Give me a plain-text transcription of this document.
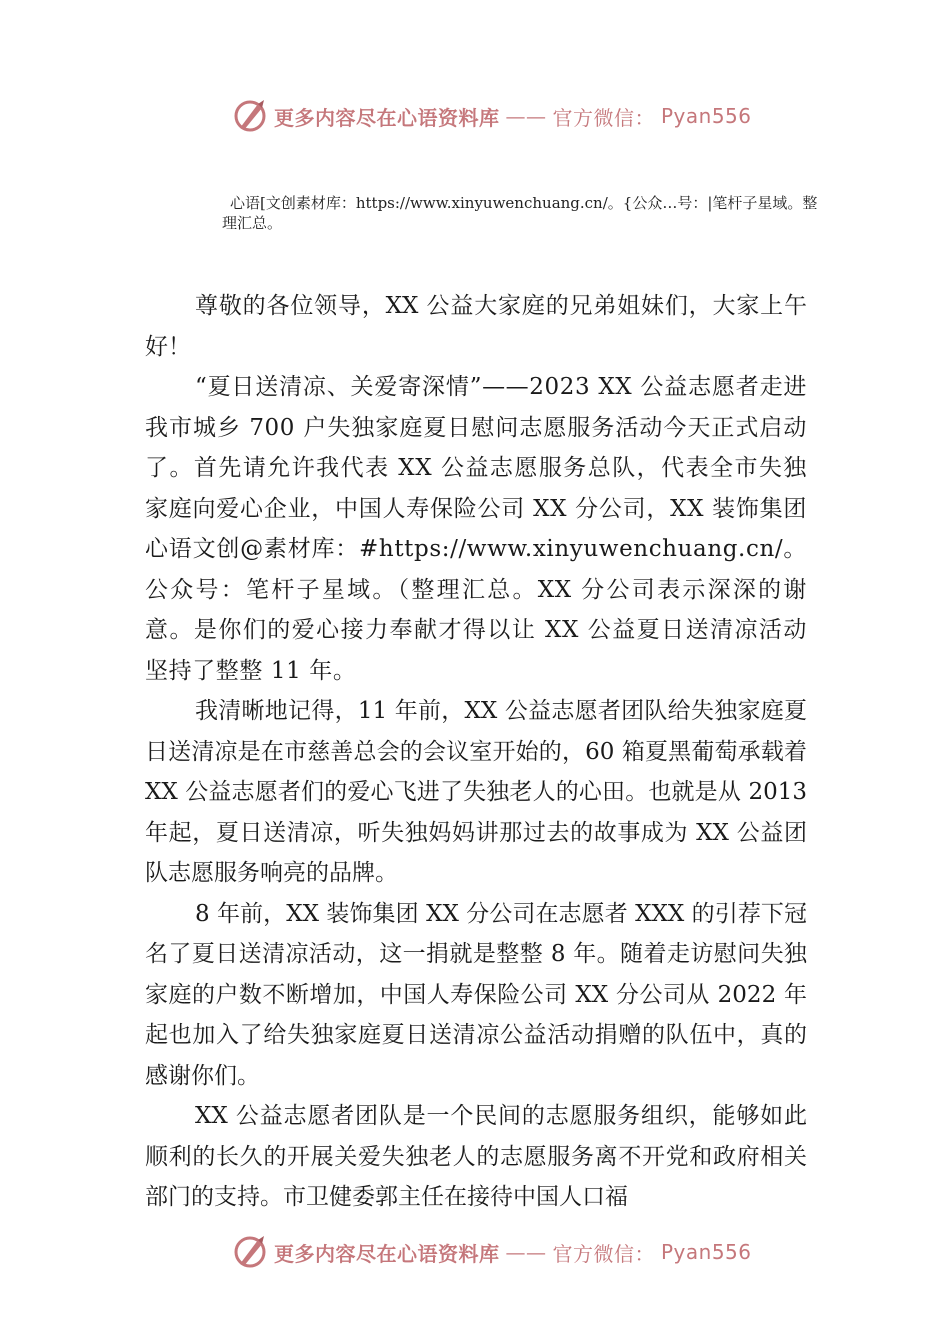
更多内容尽在心语资料库 —— 官方微信： Pyan556
心语[文创素材库：https://www.xinyuwenchuang.cn/。{公众…号：|笔杆子星域。整理汇总。

尊敬的各位领导，XX 公益大家庭的兄弟姐妹们，大家上午好！

“夏日送清凉、关爱寄深情”——2023 XX 公益志愿者走进我市城乡 700 户失独家庭夏日慰问志愿服务活动今天正式启动了。首先请允许我代表 XX 公益志愿服务总队，代表全市失独家庭向爱心企业，中国人寿保险公司 XX 分公司，XX 装饰集团 心语文创@素材库：#https://www.xinyuwenchuang.cn/。公众号：笔杆子星域。（整理汇总。XX 分公司表示深深的谢意。是你们的爱心接力奉献才得以让 XX 公益夏日送清凉活动坚持了整整 11 年。

我清晰地记得，11 年前，XX 公益志愿者团队给失独家庭夏日送清凉是在市慈善总会的会议室开始的，60 箱夏黑葡萄承载着 XX 公益志愿者们的爱心飞进了失独老人的心田。也就是从 2013 年起，夏日送清凉，听失独妈妈讲那过去的故事成为 XX 公益团队志愿服务响亮的品牌。

8 年前，XX 装饰集团 XX 分公司在志愿者 XXX 的引荐下冠名了夏日送清凉活动，这一捐就是整整 8 年。随着走访慰问失独家庭的户数不断增加，中国人寿保险公司 XX 分公司从 2022 年起也加入了给失独家庭夏日送清凉公益活动捐赠的队伍中，真的感谢你们。

XX 公益志愿者团队是一个民间的志愿服务组织，能够如此顺利的长久的开展关爱失独老人的志愿服务离不开党和政府相关部门的支持。市卫健委郭主任在接待中国人口福

更多内容尽在心语资料库 —— 官方微信： Pyan556
